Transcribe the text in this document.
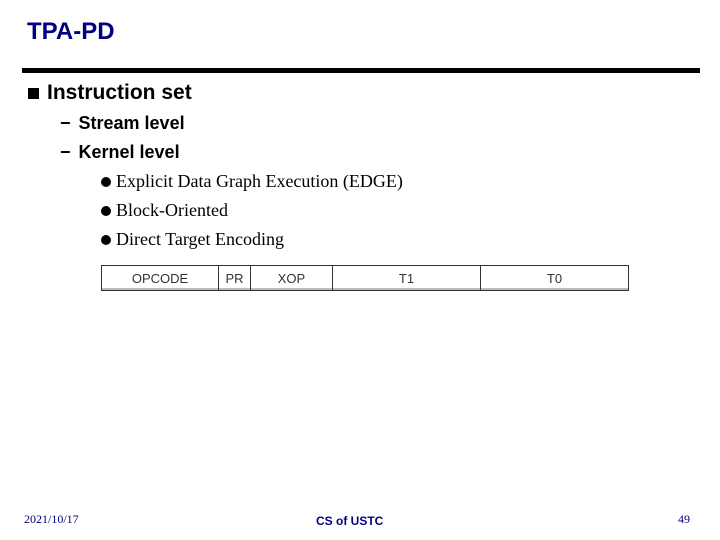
TPA-PD
Instruction set
− Stream level
− Kernel level
Explicit Data Graph Execution (EDGE)
Block-Oriented
Direct Target Encoding
OPCODE	PR	XOP	T1	T0
2021/10/17	CS of USTC	49
